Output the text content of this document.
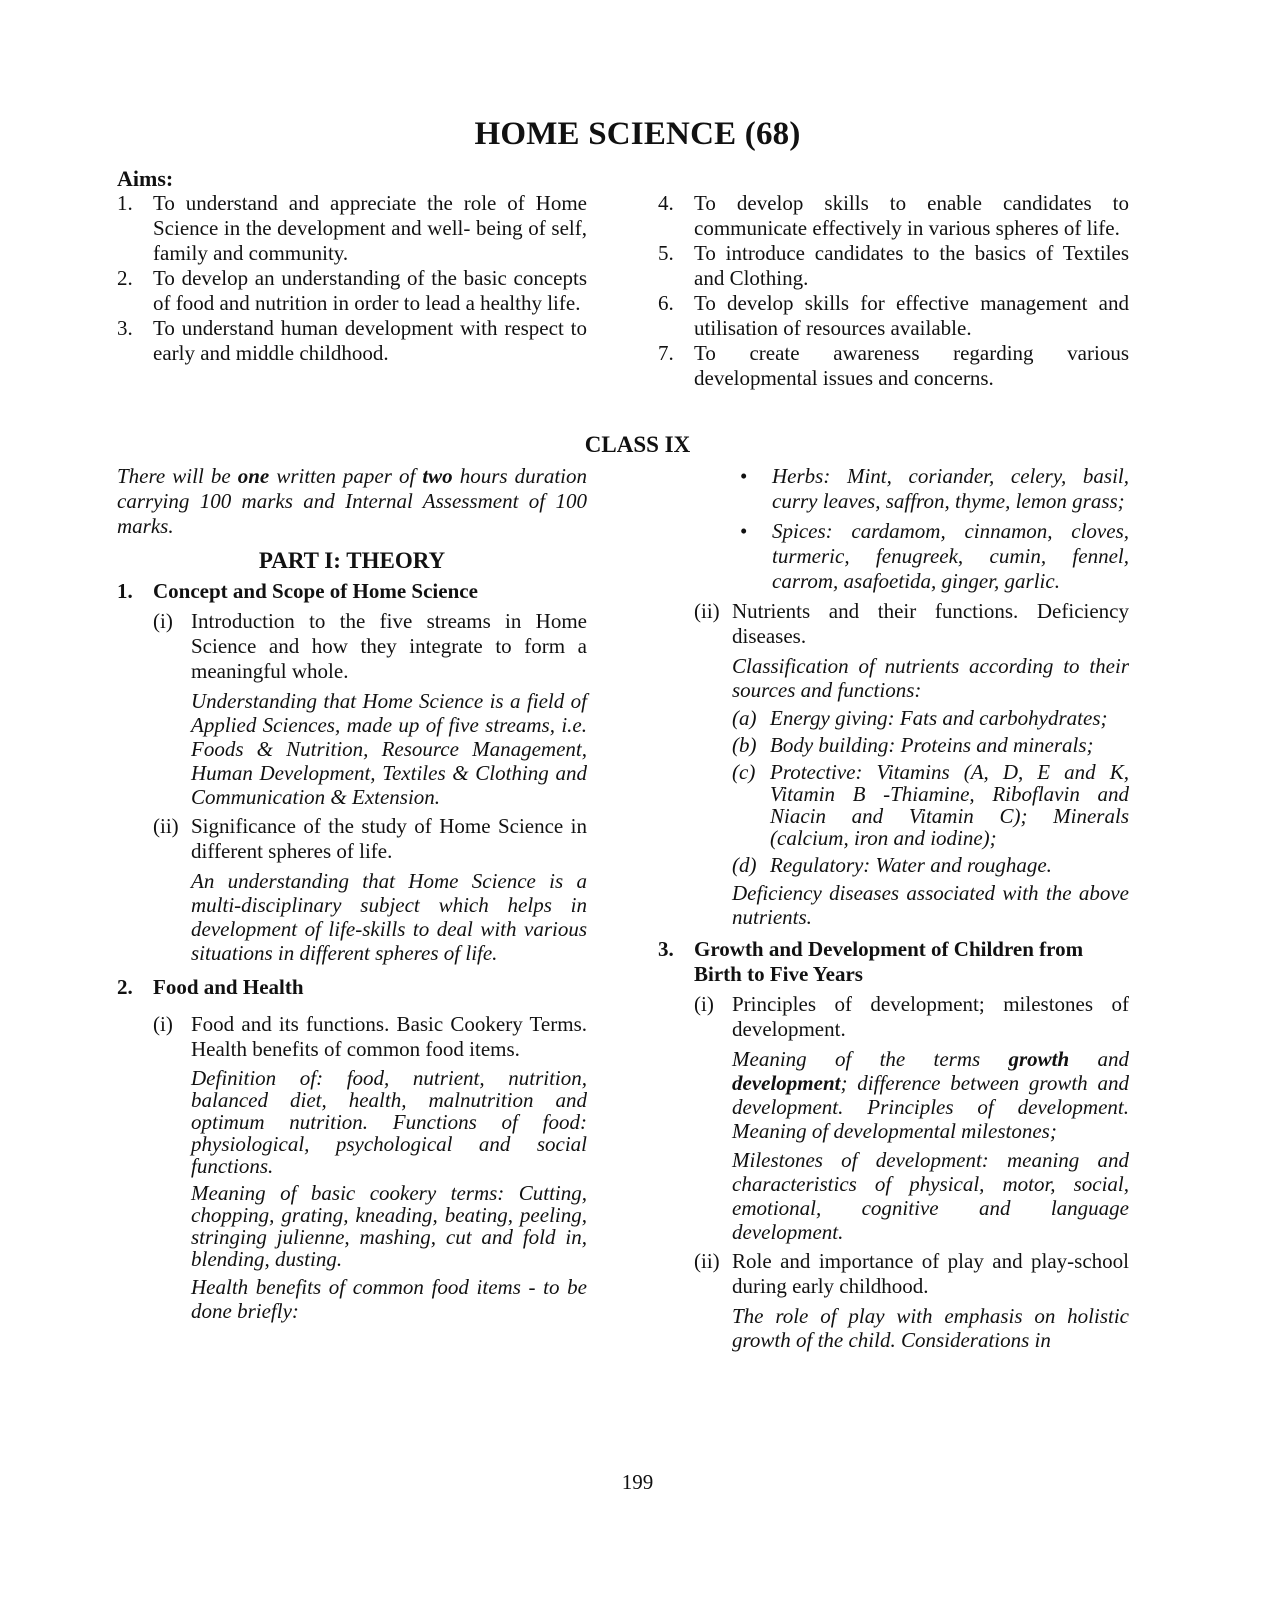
HOME SCIENCE (68)
Aims:
1. To understand and appreciate the role of Home Science in the development and well- being of self, family and community.
2. To develop an understanding of the basic concepts of food and nutrition in order to lead a healthy life.
3. To understand human development with respect to early and middle childhood.
4. To develop skills to enable candidates to communicate effectively in various spheres of life.
5. To introduce candidates to the basics of Textiles and Clothing.
6. To develop skills for effective management and utilisation of resources available.
7. To create awareness regarding various developmental issues and concerns.
CLASS IX
There will be one written paper of two hours duration carrying 100 marks and Internal Assessment of 100 marks.
PART I: THEORY
1. Concept and Scope of Home Science
(i) Introduction to the five streams in Home Science and how they integrate to form a meaningful whole.
Understanding that Home Science is a field of Applied Sciences, made up of five streams, i.e. Foods & Nutrition, Resource Management, Human Development, Textiles & Clothing and Communication & Extension.
(ii) Significance of the study of Home Science in different spheres of life.
An understanding that Home Science is a multi-disciplinary subject which helps in development of life-skills to deal with various situations in different spheres of life.
2. Food and Health
(i) Food and its functions. Basic Cookery Terms. Health benefits of common food items.
Definition of: food, nutrient, nutrition, balanced diet, health, malnutrition and optimum nutrition. Functions of food: physiological, psychological and social functions.
Meaning of basic cookery terms: Cutting, chopping, grating, kneading, beating, peeling, stringing julienne, mashing, cut and fold in, blending, dusting.
Health benefits of common food items - to be done briefly:
• Herbs: Mint, coriander, celery, basil, curry leaves, saffron, thyme, lemon grass;
• Spices: cardamom, cinnamon, cloves, turmeric, fenugreek, cumin, fennel, carrom, asafoetida, ginger, garlic.
(ii) Nutrients and their functions. Deficiency diseases.
Classification of nutrients according to their sources and functions:
(a) Energy giving: Fats and carbohydrates;
(b) Body building: Proteins and minerals;
(c) Protective: Vitamins (A, D, E and K, Vitamin B -Thiamine, Riboflavin and Niacin and Vitamin C); Minerals (calcium, iron and iodine);
(d) Regulatory: Water and roughage.
Deficiency diseases associated with the above nutrients.
3. Growth and Development of Children from Birth to Five Years
(i) Principles of development; milestones of development.
Meaning of the terms growth and development; difference between growth and development. Principles of development. Meaning of developmental milestones;
Milestones of development: meaning and characteristics of physical, motor, social, emotional, cognitive and language development.
(ii) Role and importance of play and play-school during early childhood.
The role of play with emphasis on holistic growth of the child. Considerations in
199
